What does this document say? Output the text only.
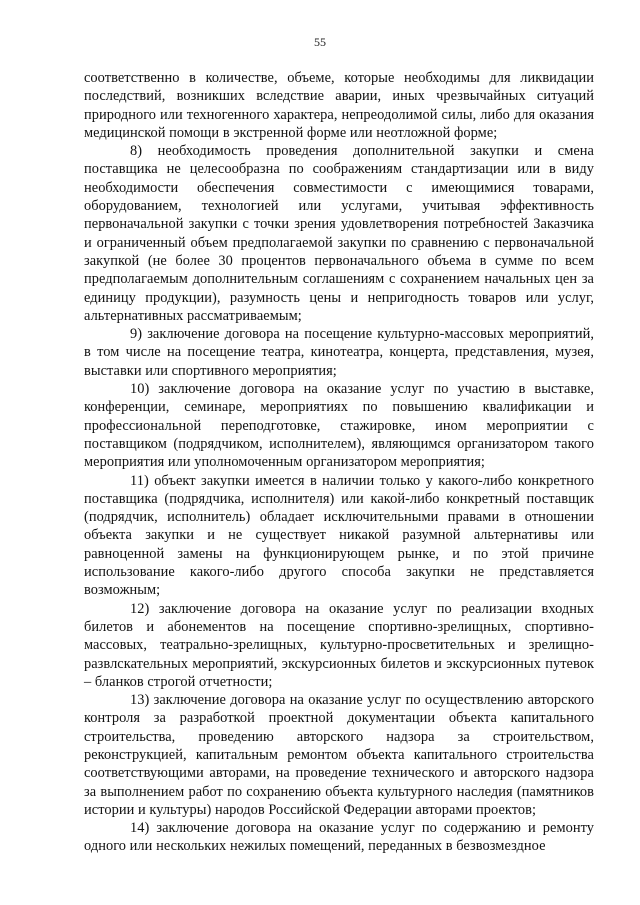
55

соответственно в количестве, объеме, которые необходимы для ликвидации последствий, возникших вследствие аварии, иных чрезвычайных ситуаций природного или техногенного характера, непреодолимой силы, либо для оказания медицинской помощи в экстренной форме или неотложной форме;

8) необходимость проведения дополнительной закупки и смена поставщика не целесообразна по соображениям стандартизации или в виду необходимости обеспечения совместимости с имеющимися товарами, оборудованием, технологией или услугами, учитывая эффективность первоначальной закупки с точки зрения удовлетворения потребностей Заказчика и ограниченный объем предполагаемой закупки по сравнению с первоначальной закупкой (не более 30 процентов первоначального объема в сумме по всем предполагаемым дополнительным соглашениям с сохранением начальных цен за единицу продукции), разумность цены и непригодность товаров или услуг, альтернативных рассматриваемым;

9) заключение договора на посещение культурно-массовых мероприятий, в том числе на посещение театра, кинотеатра, концерта, представления, музея, выставки или спортивного мероприятия;

10) заключение договора на оказание услуг по участию в выставке, конференции, семинаре, мероприятиях по повышению квалификации и профессиональной переподготовке, стажировке, ином мероприятии с поставщиком (подрядчиком, исполнителем), являющимся организатором такого мероприятия или уполномоченным организатором мероприятия;

11) объект закупки имеется в наличии только у какого-либо конкретного поставщика (подрядчика, исполнителя) или какой-либо конкретный поставщик (подрядчик, исполнитель) обладает исключительными правами в отношении объекта закупки и не существует никакой разумной альтернативы или равноценной замены на функционирующем рынке, и по этой причине использование какого-либо другого способа закупки не представляется возможным;

12) заключение договора на оказание услуг по реализации входных билетов и абонементов на посещение спортивно-зрелищных, спортивно-массовых, театрально-зрелищных, культурно-просветительных и зрелищно-развлскательных мероприятий, экскурсионных билетов и экскурсионных путевок – бланков строгой отчетности;

13) заключение договора на оказание услуг по осуществлению авторского контроля за разработкой проектной документации объекта капитального строительства, проведению авторского надзора за строительством, реконструкцией, капитальным ремонтом объекта капитального строительства соответствующими авторами, на проведение технического и авторского надзора за выполнением работ по сохранению объекта культурного наследия (памятников истории и культуры) народов Российской Федерации авторами проектов;

14) заключение договора на оказание услуг по содержанию и ремонту одного или нескольких нежилых помещений, переданных в безвозмездное
